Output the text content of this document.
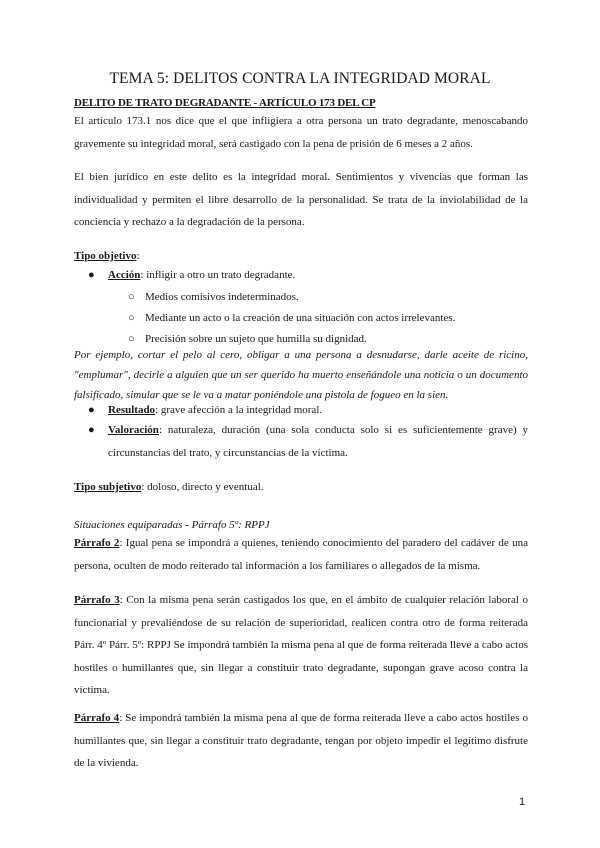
TEMA 5: DELITOS CONTRA LA INTEGRIDAD MORAL
DELITO DE TRATO DEGRADANTE - ARTÍCULO 173 DEL CP
El artículo 173.1 nos dice que el que infligiera a otra persona un trato degradante, menoscabando gravemente su integridad moral, será castigado con la pena de prisión de 6 meses a 2 años.
El bien jurídico en este delito es la integridad moral. Sentimientos y vivencias que forman las individualidad y permiten el libre desarrollo de la personalidad. Se trata de la inviolabilidad de la conciencia y rechazo a la degradación de la persona.
Tipo objetivo:
●	Acción: infligir a otro un trato degradante.
○ Medios comisivos indeterminados.
○ Mediante un acto o la creación de una situación con actos irrelevantes.
○ Precisión sobre un sujeto que humilla su dignidad.
Por ejemplo, cortar el pelo al cero, obligar a una persona a desnudarse, darle aceite de ricino, "emplumar", decirle a alguien que un ser querido ha muerto enseñándole una noticia o un documento falsificado, simular que se le va a matar poniéndole una pistola de fogueo en la sien.
●	Resultado: grave afección a la integridad moral.
●	Valoración: naturaleza, duración (una sola conducta solo si es suficientemente grave) y circunstancias del trato, y circunstancias de la víctima.
Tipo subjetivo: doloso, directo y eventual.
Situaciones equiparadas - Párrafo 5º: RPPJ
Párrafo 2: Igual pena se impondrá a quienes, teniendo conocimiento del paradero del cadáver de una persona, oculten de modo reiterado tal información a los familiares o allegados de la misma.
Párrafo 3: Con la misma pena serán castigados los que, en el ámbito de cualquier relación laboral o funcionarial y prevaliéndose de su relación de superioridad, realicen contra otro de forma reiterada Párr. 4º Párr. 5º: RPPJ Se impondrá también la misma pena al que de forma reiterada lleve a cabo actos hostiles o humillantes que, sin llegar a constituir trato degradante, supongan grave acoso contra la víctima.
Párrafo 4: Se impondrá también la misma pena al que de forma reiterada lleve a cabo actos hostiles o humillantes que, sin llegar a constituir trato degradante, tengan por objeto impedir el legítimo disfrute de la vivienda.
1
